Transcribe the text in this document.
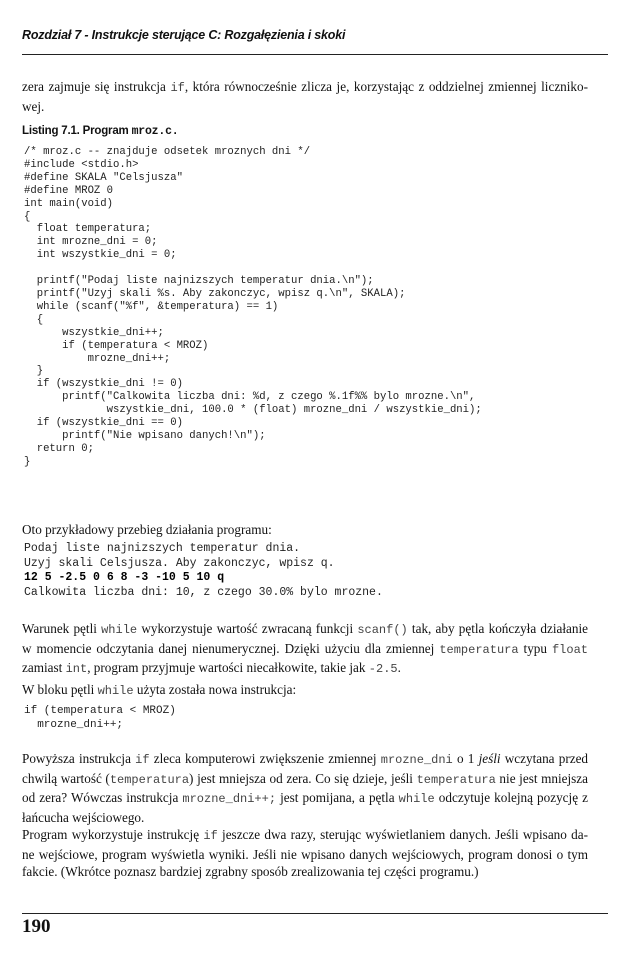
Rozdział 7 - Instrukcje sterujące C: Rozgałęzienia i skoki

zera zajmuje się instrukcja if, która równocześnie zlicza je, korzystając z oddzielnej zmiennej liczniko-wej.

Listing 7.1. Program mroz.c.
/* mroz.c -- znajduje odsetek mroznych dni */
#include <stdio.h>
#define SKALA "Celsjusza"
#define MROZ 0
int main(void)
{
float temperatura;
int mrozne_dni = 0;
int wszystkie_dni = 0;

printf("Podaj liste najnizszych temperatur dnia.\n");
printf("Uzyj skali %s. Aby zakonczyc, wpisz q.\n", SKALA);
while (scanf("%f", &temperatura) == 1)
{
wszystkie_dni++;
if (temperatura < MROZ)
mrozne_dni++;
}
if (wszystkie_dni != 0)
printf("Calkowita liczba dni: %d, z czego %.1f%% bylo mrozne.\n",
wszystkie_dni, 100.0 * (float) mrozne_dni / wszystkie_dni);
if (wszystkie_dni == 0)
printf("Nie wpisano danych!\n");
return 0;
}

Oto przykładowy przebieg działania programu:

Podaj liste najnizszych temperatur dnia.
Uzyj skali Celsjusza. Aby zakonczyc, wpisz q.
12 5 -2.5 0 6 8 -3 -10 5 10 q
Calkowita liczba dni: 10, z czego 30.0% bylo mrozne.

Warunek pętli while wykorzystuje wartość zwracaną funkcji scanf() tak, aby pętla kończyła działanie w momencie odczytania danej nienumerycznej. Dzięki użyciu dla zmiennej temperatura typu float zamiast int, program przyjmuje wartości niecałkowite, takie jak -2.5.

W bloku pętli while użyta została nowa instrukcja:

if (temperatura < MROZ)
mrozne_dni++;

Powyższa instrukcja if zleca komputerowi zwiększenie zmiennej mrozne_dni o 1 jeśli wczytana przed chwilą wartość (temperatura) jest mniejsza od zera. Co się dzieje, jeśli temperatura nie jest mniejsza od zera? Wówczas instrukcja mrozne_dni++; jest pomijana, a pętla while odczytuje kolejną pozycję z łańcucha wejściowego.

Program wykorzystuje instrukcję if jeszcze dwa razy, sterując wyświetlaniem danych. Jeśli wpisano da-ne wejściowe, program wyświetla wyniki. Jeśli nie wpisano danych wejściowych, program donosi o tym fakcie. (Wkrótce poznasz bardziej zgrabny sposób zrealizowania tej części programu.)

190
